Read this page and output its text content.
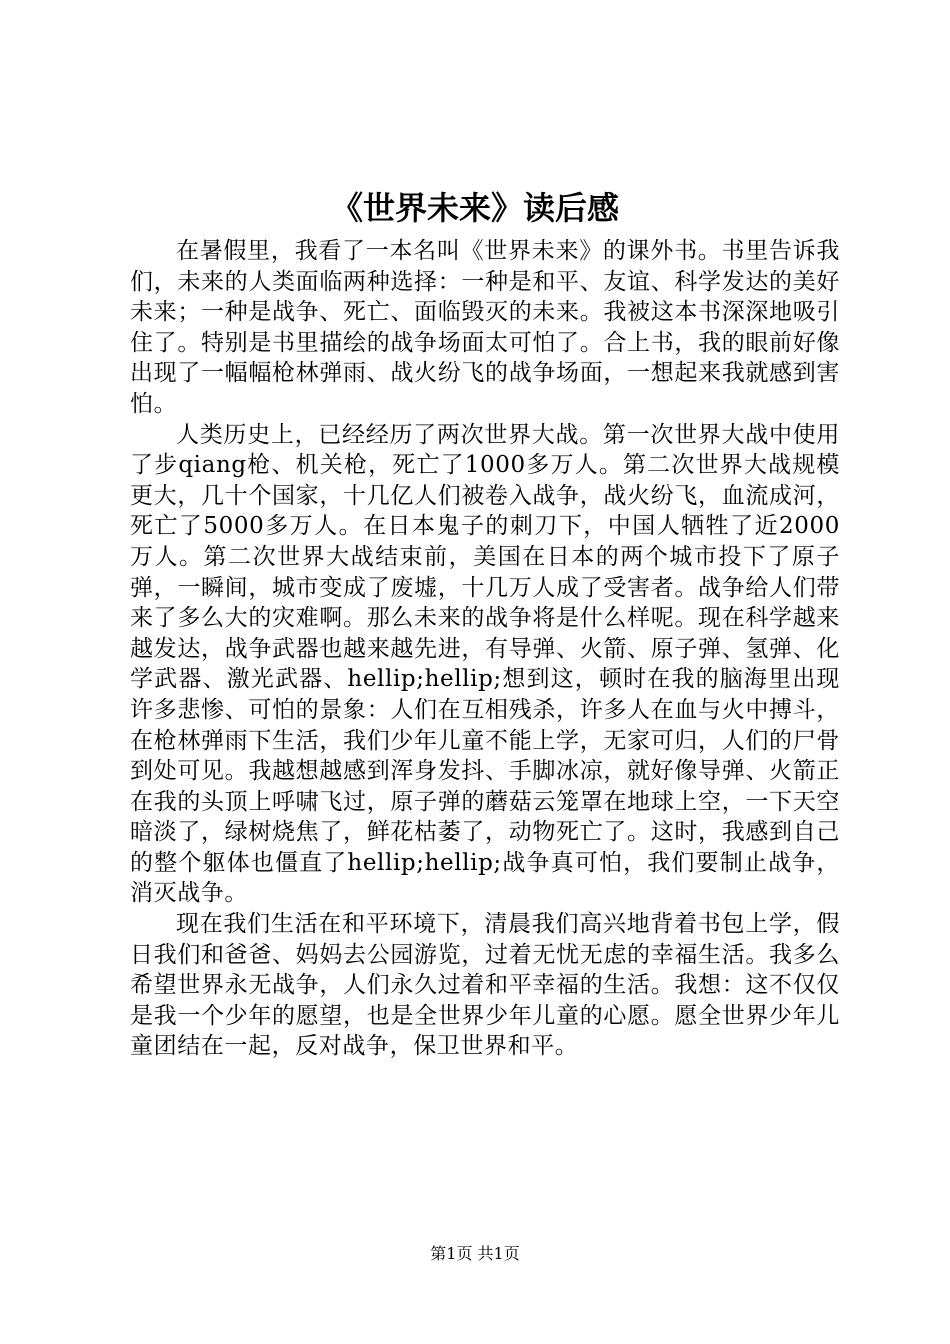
《世界未来》读后感

在暑假里，我看了一本名叫《世界未来》的课外书。书里告诉我们，未来的人类面临两种选择：一种是和平、友谊、科学发达的美好未来；一种是战争、死亡、面临毁灭的未来。我被这本书深深地吸引住了。特别是书里描绘的战争场面太可怕了。合上书，我的眼前好像出现了一幅幅枪林弹雨、战火纷飞的战争场面，一想起来我就感到害怕。

人类历史上，已经经历了两次世界大战。第一次世界大战中使用了步qiang枪、机关枪，死亡了1000多万人。第二次世界大战规模更大，几十个国家，十几亿人们被卷入战争，战火纷飞，血流成河，死亡了5000多万人。在日本鬼子的刺刀下，中国人牺牲了近2000万人。第二次世界大战结束前，美国在日本的两个城市投下了原子弹，一瞬间，城市变成了废墟，十几万人成了受害者。战争给人们带来了多么大的灾难啊。那么未来的战争将是什么样呢。现在科学越来越发达，战争武器也越来越先进，有导弹、火箭、原子弹、氢弹、化学武器、激光武器、hellip;hellip;想到这，顿时在我的脑海里出现许多悲惨、可怕的景象：人们在互相残杀，许多人在血与火中搏斗，在枪林弹雨下生活，我们少年儿童不能上学，无家可归，人们的尸骨到处可见。我越想越感到浑身发抖、手脚冰凉，就好像导弹、火箭正在我的头顶上呼啸飞过，原子弹的蘑菇云笼罩在地球上空，一下天空暗淡了，绿树烧焦了，鲜花枯萎了，动物死亡了。这时，我感到自己的整个躯体也僵直了hellip;hellip;战争真可怕，我们要制止战争，消灭战争。

现在我们生活在和平环境下，清晨我们高兴地背着书包上学，假日我们和爸爸、妈妈去公园游览，过着无忧无虑的幸福生活。我多么希望世界永无战争，人们永久过着和平幸福的生活。我想：这不仅仅是我一个少年的愿望，也是全世界少年儿童的心愿。愿全世界少年儿童团结在一起，反对战争，保卫世界和平。

第1页 共1页
